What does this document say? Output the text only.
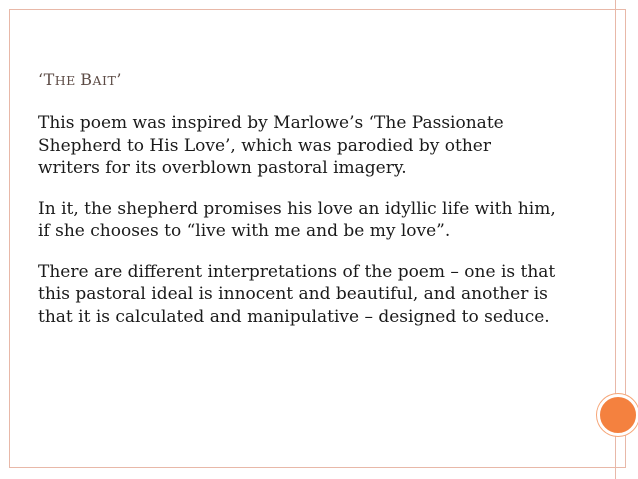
‘THE BAIT’

This poem was inspired by Marlowe’s ‘The Passionate Shepherd to His Love’, which was parodied by other writers for its overblown pastoral imagery.

In it, the shepherd promises his love an idyllic life with him, if she chooses to “live with me and be my love”.

There are different interpretations of the poem – one is that this pastoral ideal is innocent and beautiful, and another is that it is calculated and manipulative – designed to seduce.
